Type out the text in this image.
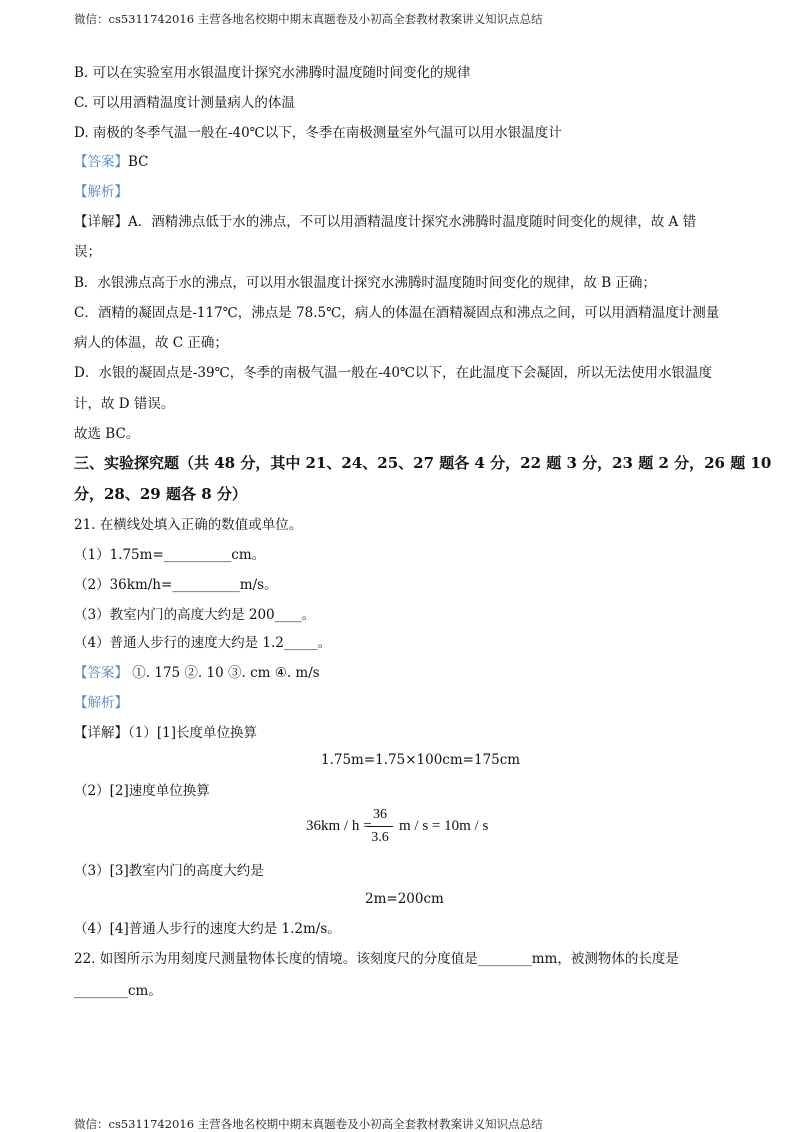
微信：cs5311742016 主营各地名校期中期末真题卷及小初高全套教材教案讲义知识点总结
B. 可以在实验室用水银温度计探究水沸腾时温度随时间变化的规律
C. 可以用酒精温度计测量病人的体温
D. 南极的冬季气温一般在-40℃以下，冬季在南极测量室外气温可以用水银温度计
【答案】BC
【解析】
【详解】A．酒精沸点低于水的沸点，不可以用酒精温度计探究水沸腾时温度随时间变化的规律，故 A 错
误；
B．水银沸点高于水的沸点，可以用水银温度计探究水沸腾时温度随时间变化的规律，故 B 正确；
C．酒精的凝固点是-117℃，沸点是 78.5℃，病人的体温在酒精凝固点和沸点之间，可以用酒精温度计测量
病人的体温，故 C 正确；
D．水银的凝固点是-39℃，冬季的南极气温一般在-40℃以下，在此温度下会凝固，所以无法使用水银温度
计，故 D 错误。
故选 BC。
三、实验探究题（共 48 分，其中 21、24、25、27 题各 4 分，22 题 3 分，23 题 2 分，26 题 10
分，28、29 题各 8 分）
21. 在横线处填入正确的数值或单位。
（1）1.75m=__________cm。
（2）36km/h=__________m/s。
（3）教室内门的高度大约是 200____。
（4）普通人步行的速度大约是 1.2_____。
【答案】 ①. 175 ②. 10 ③. cm ④. m/s
【解析】
【详解】（1）[1]长度单位换算
1.75m=1.75×100cm=175cm
（2）[2]速度单位换算
36km / h =
36
3.6
m / s = 10m / s
（3）[3]教室内门的高度大约是
2m=200cm
（4）[4]普通人步行的速度大约是 1.2m/s。
22. 如图所示为用刻度尺测量物体长度的情境。该刻度尺的分度值是________mm，被测物体的长度是
________cm。
微信：cs5311742016 主营各地名校期中期末真题卷及小初高全套教材教案讲义知识点总结
